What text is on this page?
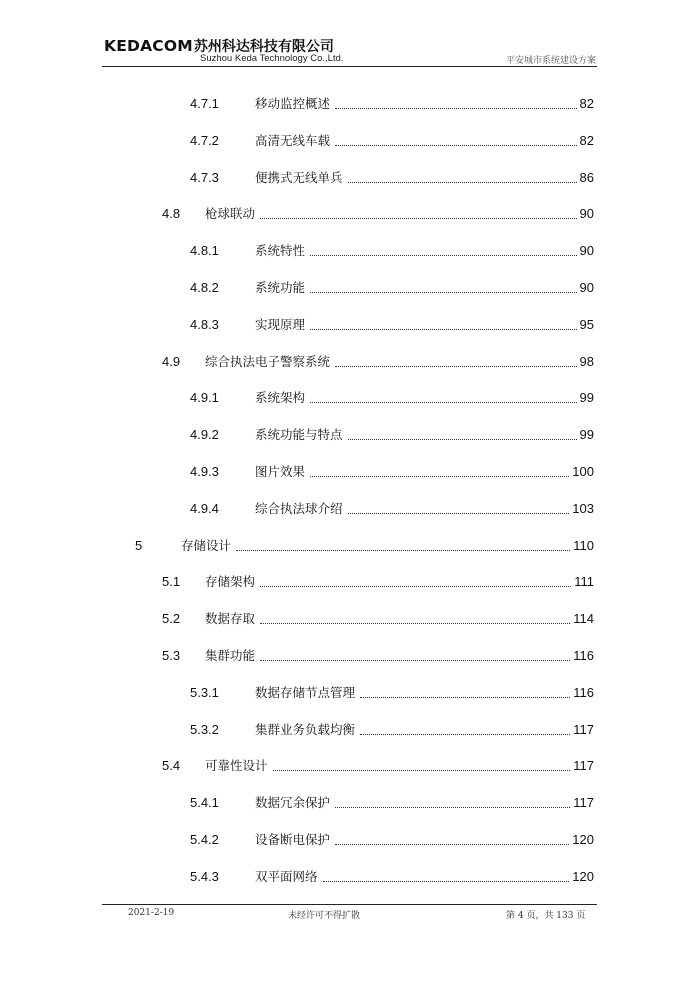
KEDACOM苏州科达科技有限公司
Suzhou Keda Technology Co.,Ltd.	平安城市系统建设方案
4.7.1	移动监控概述	82
4.7.2	高清无线车载	82
4.7.3	便携式无线单兵	86
4.8 枪球联动	90
4.8.1	系统特性	90
4.8.2	系统功能	90
4.8.3	实现原理	95
4.9 综合执法电子警察系统	98
4.9.1	系统架构	99
4.9.2	系统功能与特点	99
4.9.3	图片效果	100
4.9.4	综合执法球介绍	103
5	存储设计	110
5.1 存储架构	111
5.2 数据存取	114
5.3 集群功能	116
5.3.1	数据存储节点管理	116
5.3.2	集群业务负载均衡	117
5.4 可靠性设计	117
5.4.1	数据冗余保护	117
5.4.2	设备断电保护	120
5.4.3	双平面网络	120
2021-2-19	未经许可不得扩散	第 4 页，共 133 页
